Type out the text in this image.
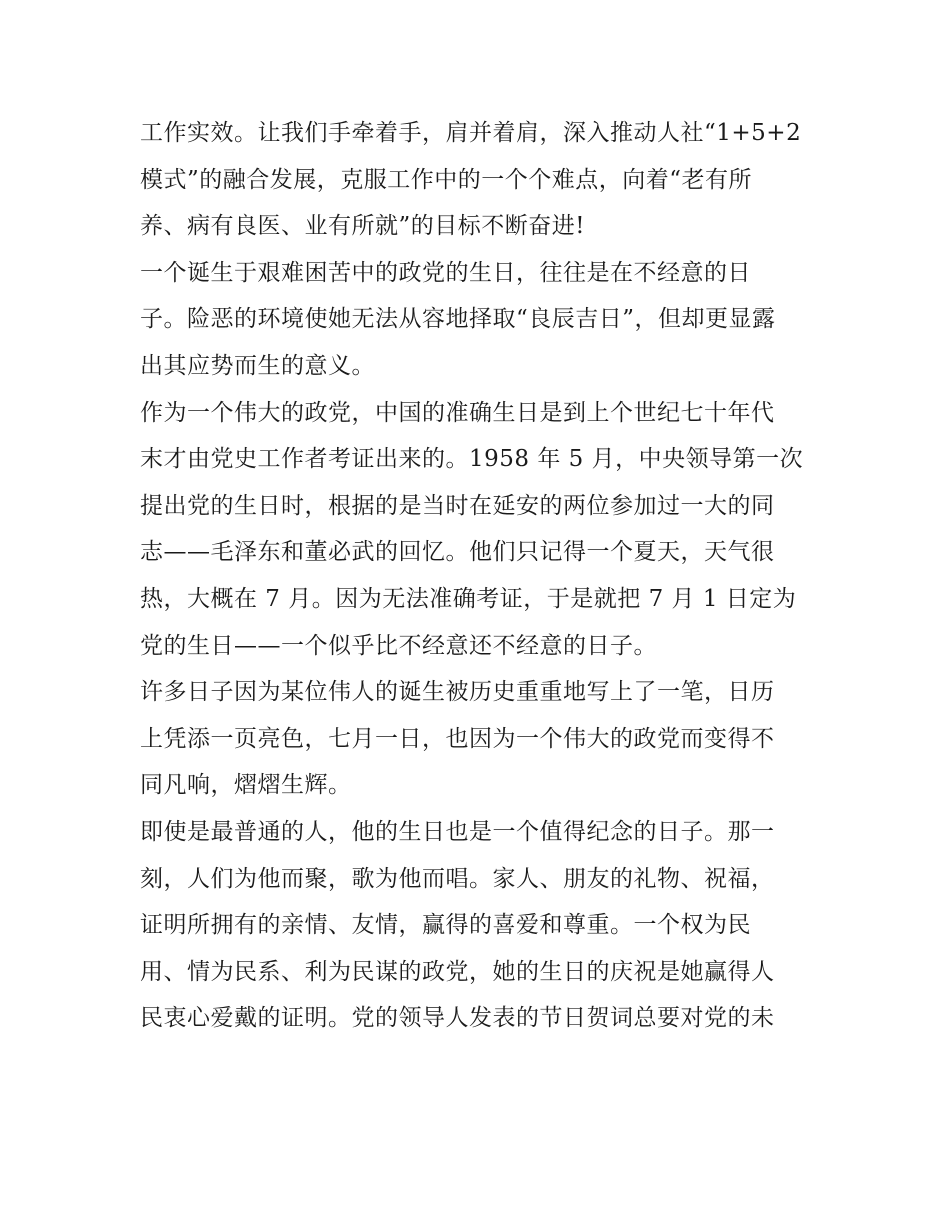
工作实效。让我们手牵着手，肩并着肩，深入推动人社“1+5+2
模式”的融合发展，克服工作中的一个个难点，向着“老有所
养、病有良医、业有所就”的目标不断奋进!
一个诞生于艰难困苦中的政党的生日，往往是在不经意的日
子。险恶的环境使她无法从容地择取“良辰吉日”，但却更显露
出其应势而生的意义。
作为一个伟大的政党，中国的准确生日是到上个世纪七十年代
末才由党史工作者考证出来的。1958 年 5 月，中央领导第一次
提出党的生日时，根据的是当时在延安的两位参加过一大的同
志——毛泽东和董必武的回忆。他们只记得一个夏天，天气很
热，大概在 7 月。因为无法准确考证，于是就把 7 月 1 日定为
党的生日——一个似乎比不经意还不经意的日子。
许多日子因为某位伟人的诞生被历史重重地写上了一笔，日历
上凭添一页亮色，七月一日，也因为一个伟大的政党而变得不
同凡响，熠熠生辉。
即使是最普通的人，他的生日也是一个值得纪念的日子。那一
刻，人们为他而聚，歌为他而唱。家人、朋友的礼物、祝福，
证明所拥有的亲情、友情，赢得的喜爱和尊重。一个权为民
用、情为民系、利为民谋的政党，她的生日的庆祝是她赢得人
民衷心爱戴的证明。党的领导人发表的节日贺词总要对党的未
